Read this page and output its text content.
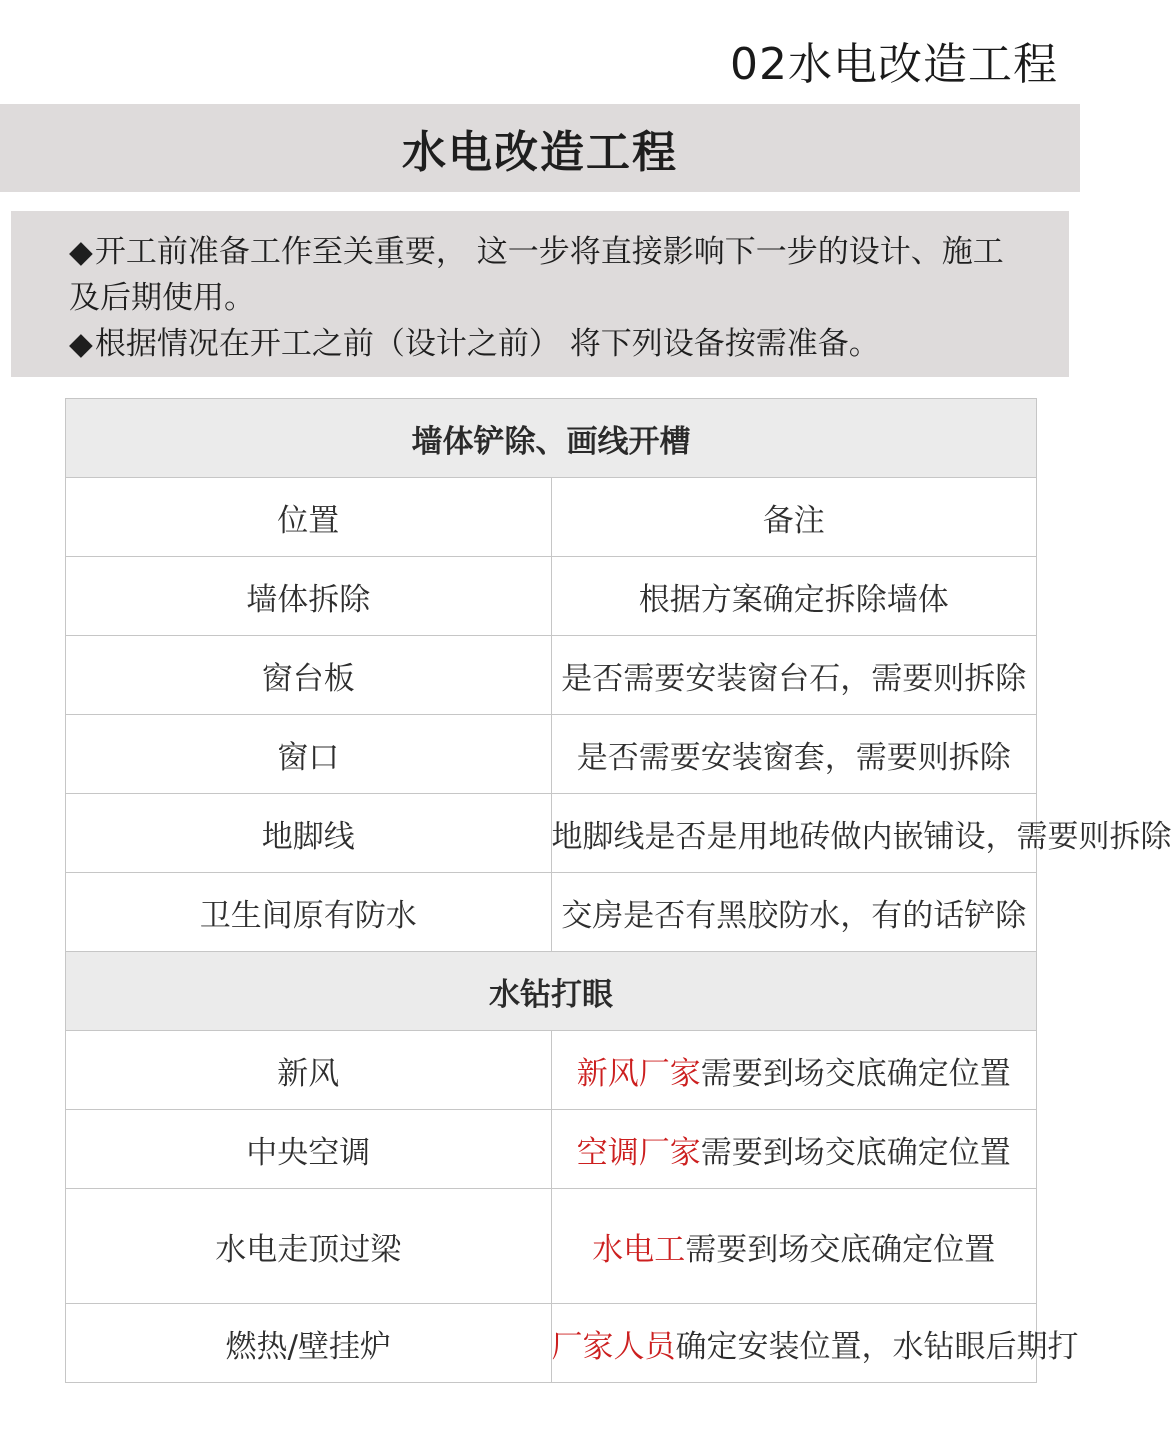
02水电改造工程
水电改造工程

◆开工前准备工作至关重要， 这一步将直接影响下一步的设计、施工及后期使用。

◆根据情况在开工之前（设计之前） 将下列设备按需准备。

墙体铲除、画线开槽	
位置	备注
墙体拆除	根据方案确定拆除墙体
窗台板	是否需要安装窗台石，需要则拆除
窗口	是否需要安装窗套，需要则拆除
地脚线	地脚线是否是用地砖做内嵌铺设，需要则拆除
卫生间原有防水	交房是否有黑胶防水，有的话铲除
水钻打眼	
新风	新风厂家需要到场交底确定位置
中央空调	空调厂家需要到场交底确定位置
水电走顶过梁	水电工需要到场交底确定位置
燃热/壁挂炉	厂家人员确定安装位置，水钻眼后期打
